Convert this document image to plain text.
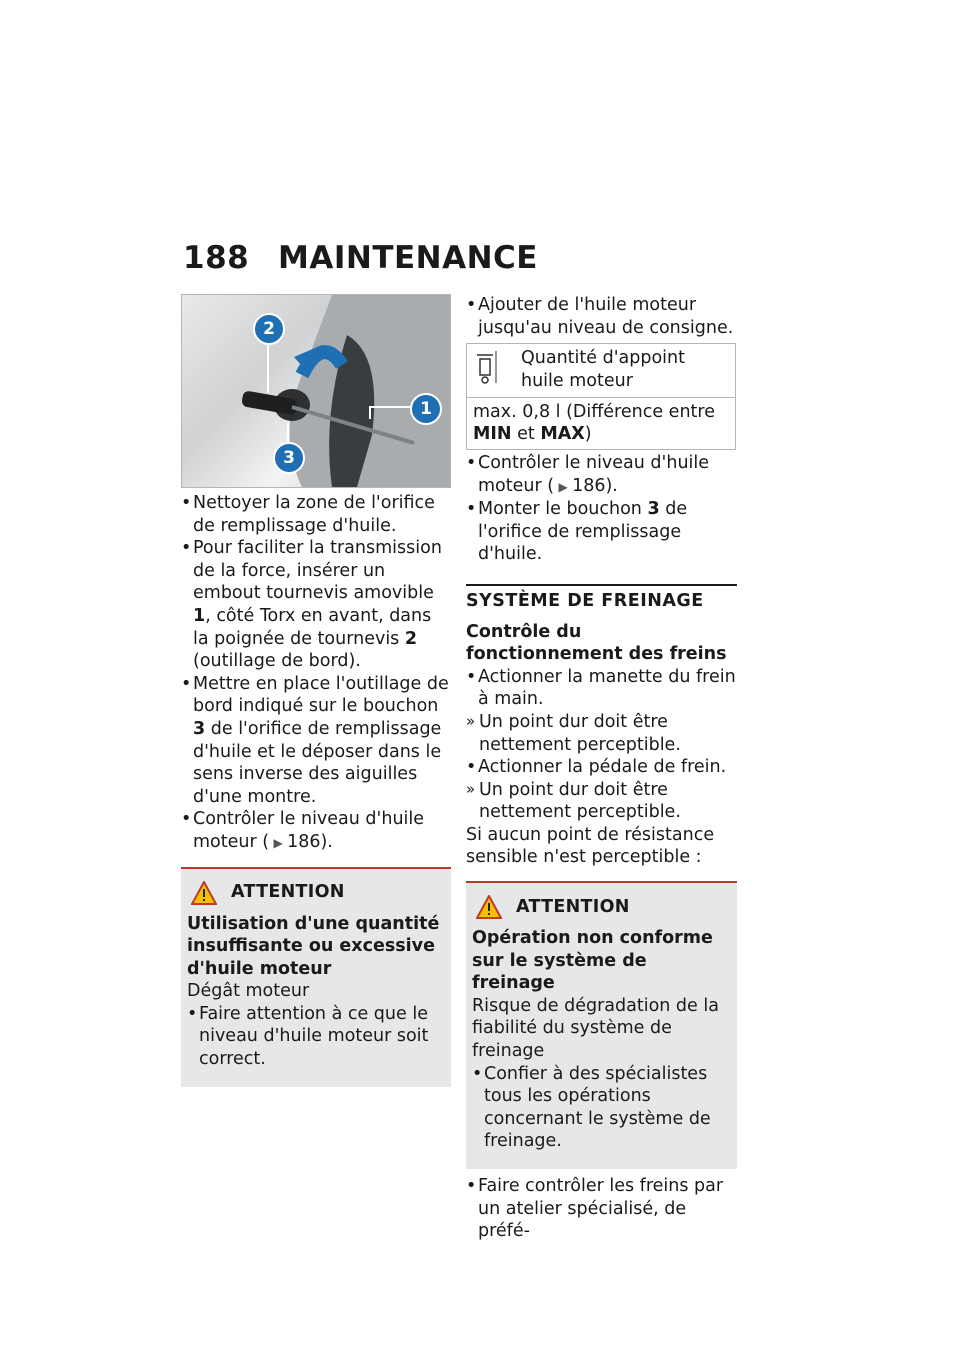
188 MAINTENANCE
2
1
3
• Nettoyer la zone de l'orifice de remplissage d'huile.
• Pour faciliter la transmission de la force, insérer un embout tournevis amovible 1, côté Torx en avant, dans la poignée de tournevis 2 (outillage de bord).
• Mettre en place l'outillage de bord indiqué sur le bouchon 3 de l'orifice de remplissage d'huile et le déposer dans le sens inverse des aiguilles d'une montre.
• Contrôler le niveau d'huile moteur ( ▶ 186).
ATTENTION
Utilisation d'une quantité insuffisante ou excessive d'huile moteur
Dégât moteur
• Faire attention à ce que le niveau d'huile moteur soit correct.
• Ajouter de l'huile moteur jusqu'au niveau de consigne.
	Quantité d'appoint huile moteur
max. 0,8 l (Différence entre MIN et MAX)
• Contrôler le niveau d'huile moteur ( ▶ 186).
• Monter le bouchon 3 de l'orifice de remplissage d'huile.
SYSTÈME DE FREINAGE
Contrôle du fonctionnement des freins
• Actionner la manette du frein à main.
» Un point dur doit être nettement perceptible.
• Actionner la pédale de frein.
» Un point dur doit être nettement perceptible.

Si aucun point de résistance sensible n'est perceptible :

ATTENTION
Opération non conforme sur le système de freinage
Risque de dégradation de la fiabilité du système de freinage
• Confier à des spécialistes tous les opérations concernant le système de freinage.
• Faire contrôler les freins par un atelier spécialisé, de préfé-
